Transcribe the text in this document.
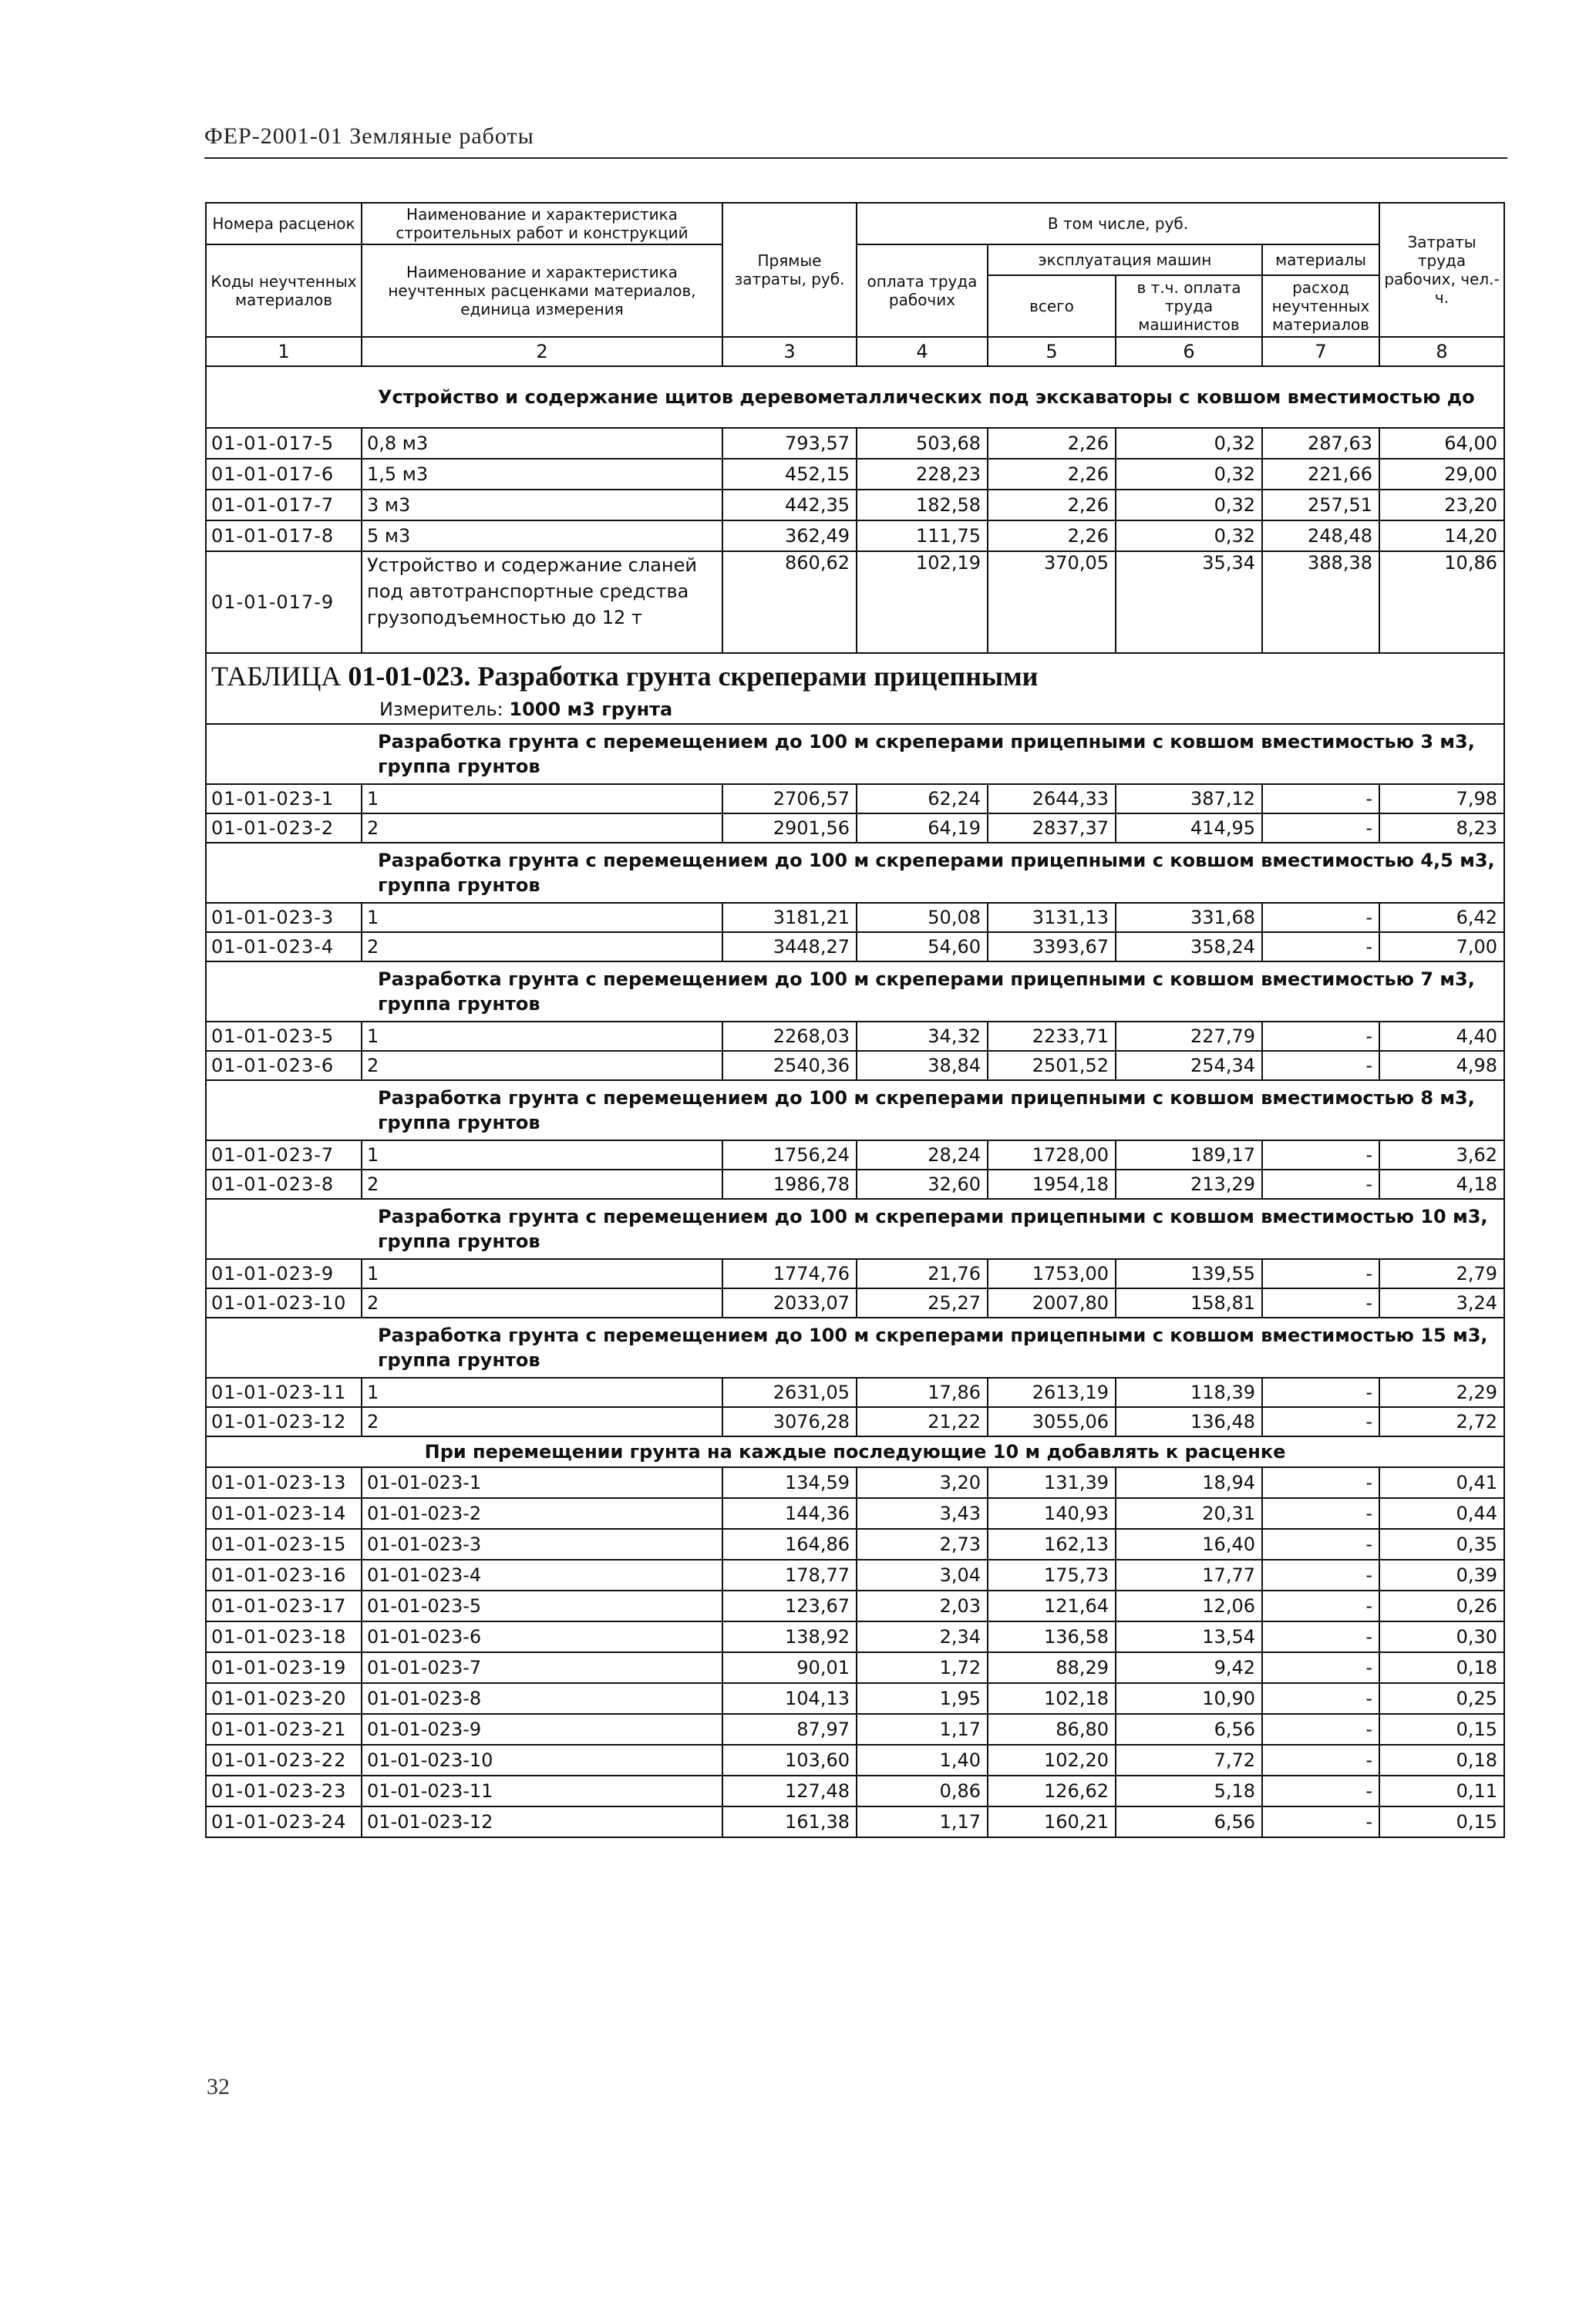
ФЕР-2001-01 Земляные работы
Номера расценок	Наименование и характеристика строительных работ и конструкций	Прямые затраты, руб.	В том числе, руб.				Затраты труда рабочих, чел.-ч.
Коды неучтенных материалов	Наименование и характеристика неучтенных расценками материалов, единица измерения		оплата труда рабочих	эксплуатация машин		материалы	
				всего	в т.ч. оплата труда машинистов	расход неучтенных материалов	

1	2	3	4	5	6	7	8
Устройство и содержание щитов деревометаллических под экскаваторы с ковшом вместимостью до							
01-01-017-5	0,8 м3	793,57	503,68	2,26	0,32	287,63	64,00
01-01-017-6	1,5 м3	452,15	228,23	2,26	0,32	221,66	29,00
01-01-017-7	3 м3	442,35	182,58	2,26	0,32	257,51	23,20
01-01-017-8	5 м3	362,49	111,75	2,26	0,32	248,48	14,20
01-01-017-9	Устройство и содержание сланей под автотранспортные средства грузоподъемностью до 12 т	860,62	102,19	370,05	35,34	388,38	10,86

ТАБЛИЦА 01-01-023. Разработка грунта скреперами прицепными
Измеритель: 1000 м3 грунта							

Разработка грунта с перемещением до 100 м скреперами прицепными с ковшом вместимостью 3 м3, группа грунтов							
01-01-023-1	1	2706,57	62,24	2644,33	387,12	-	7,98
01-01-023-2	2	2901,56	64,19	2837,37	414,95	-	8,23
Разработка грунта с перемещением до 100 м скреперами прицепными с ковшом вместимостью 4,5 м3, группа грунтов							
01-01-023-3	1	3181,21	50,08	3131,13	331,68	-	6,42
01-01-023-4	2	3448,27	54,60	3393,67	358,24	-	7,00
Разработка грунта с перемещением до 100 м скреперами прицепными с ковшом вместимостью 7 м3, группа грунтов							
01-01-023-5	1	2268,03	34,32	2233,71	227,79	-	4,40
01-01-023-6	2	2540,36	38,84	2501,52	254,34	-	4,98
Разработка грунта с перемещением до 100 м скреперами прицепными с ковшом вместимостью 8 м3, группа грунтов							
01-01-023-7	1	1756,24	28,24	1728,00	189,17	-	3,62
01-01-023-8	2	1986,78	32,60	1954,18	213,29	-	4,18
Разработка грунта с перемещением до 100 м скреперами прицепными с ковшом вместимостью 10 м3, группа грунтов							
01-01-023-9	1	1774,76	21,76	1753,00	139,55	-	2,79
01-01-023-10	2	2033,07	25,27	2007,80	158,81	-	3,24
Разработка грунта с перемещением до 100 м скреперами прицепными с ковшом вместимостью 15 м3, группа грунтов							
01-01-023-11	1	2631,05	17,86	2613,19	118,39	-	2,29
01-01-023-12	2	3076,28	21,22	3055,06	136,48	-	2,72
При перемещении грунта на каждые последующие 10 м добавлять к расценке							
01-01-023-13	01-01-023-1	134,59	3,20	131,39	18,94	-	0,41
01-01-023-14	01-01-023-2	144,36	3,43	140,93	20,31	-	0,44
01-01-023-15	01-01-023-3	164,86	2,73	162,13	16,40	-	0,35
01-01-023-16	01-01-023-4	178,77	3,04	175,73	17,77	-	0,39
01-01-023-17	01-01-023-5	123,67	2,03	121,64	12,06	-	0,26
01-01-023-18	01-01-023-6	138,92	2,34	136,58	13,54	-	0,30
01-01-023-19	01-01-023-7	90,01	1,72	88,29	9,42	-	0,18
01-01-023-20	01-01-023-8	104,13	1,95	102,18	10,90	-	0,25
01-01-023-21	01-01-023-9	87,97	1,17	86,80	6,56	-	0,15
01-01-023-22	01-01-023-10	103,60	1,40	102,20	7,72	-	0,18
01-01-023-23	01-01-023-11	127,48	0,86	126,62	5,18	-	0,11
01-01-023-24	01-01-023-12	161,38	1,17	160,21	6,56	-	0,15
32
